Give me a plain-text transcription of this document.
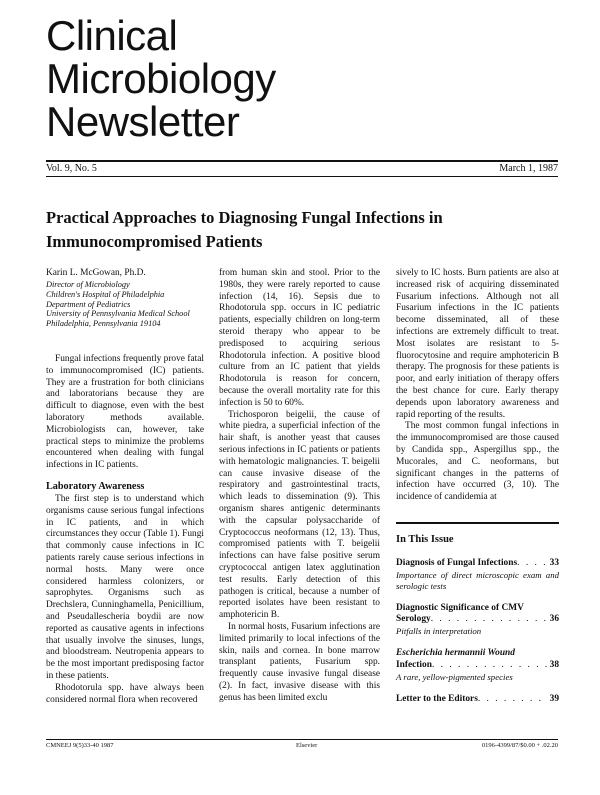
Clinical
Microbiology
Newsletter
Vol. 9, No. 5	March 1, 1987
Practical Approaches to Diagnosing Fungal Infections in Immunocompromised Patients
Karin L. McGowan, Ph.D.
Director of Microbiology
Children's Hospital of Philadelphia
Department of Pediatrics
University of Pennsylvania Medical School
Philadelphia, Pennsylvania 19104

Fungal infections frequently prove fatal to immunocompromised (IC) patients. They are a frustration for both clinicians and laboratorians because they are difficult to diagnose, even with the best laboratory methods available. Microbiologists can, however, take practical steps to minimize the problems encountered when dealing with fungal infections in IC patients.

Laboratory Awareness

The first step is to understand which organisms cause serious fungal infections in IC patients, and in which circumstances they occur (Table 1). Fungi that commonly cause infections in IC patients rarely cause serious infections in normal hosts. Many were once considered harmless colonizers, or saprophytes. Organisms such as Drechslera, Cunninghamella, Penicillium, and Pseudallescheria boydii are now reported as causative agents in infections that usually involve the sinuses, lungs, and bloodstream. Neutropenia appears to be the most important predisposing factor in these patients.

Rhodotorula spp. have always been considered normal flora when recovered

from human skin and stool. Prior to the 1980s, they were rarely reported to cause infection (14, 16). Sepsis due to Rhodotorula spp. occurs in IC pediatric patients, especially children on long-term steroid therapy who appear to be predisposed to acquiring serious Rhodotorula infection. A positive blood culture from an IC patient that yields Rhodotorula is reason for concern, because the overall mortality rate for this infection is 50 to 60%.

Trichosporon beigelii, the cause of white piedra, a superficial infection of the hair shaft, is another yeast that causes serious infections in IC patients or patients with hematologic malignancies. T. beigelii can cause invasive disease of the respiratory and gastrointestinal tracts, which leads to dissemination (9). This organism shares antigenic determinants with the capsular polysaccharide of Cryptococcus neoformans (12, 13). Thus, compromised patients with T. beigelii infections can have false positive serum cryptococcal antigen latex agglutination test results. Early detection of this pathogen is critical, because a number of reported isolates have been resistant to amphotericin B.

In normal hosts, Fusarium infections are limited primarily to local infections of the skin, nails and cornea. In bone marrow transplant patients, Fusarium spp. frequently cause invasive fungal disease (2). In fact, invasive disease with this genus has been limited exclu

sively to IC hosts. Burn patients are also at increased risk of acquiring disseminated Fusarium infections. Although not all Fusarium infections in the IC patients become disseminated, all of these infections are extremely difficult to treat. Most isolates are resistant to 5-fluorocytosine and require amphotericin B therapy. The prognosis for these patients is poor, and early initiation of therapy offers the best chance for cure. Early therapy depends upon laboratory awareness and rapid reporting of the results.

The most common fungal infections in the immunocompromised are those caused by Candida spp., Aspergillus spp., the Mucorales, and C. neoformans, but significant changes in the patterns of infection have occurred (3, 10). The incidence of candidemia at

In This Issue
Diagnosis of Fungal Infections . . .	33
Importance of direct microscopic exam and serologic tests
Diagnostic Significance of CMV
Serology . . .	36
Pitfalls in interpretation
Escherichia hermannii Wound
Infection . . .	38
A rare, yellow-pigmented species
Letter to the Editors . . .	39
CMNEEJ 9(5)33-40 1987	Elsevier	0196-4399/87/$0.00 + .02.20
